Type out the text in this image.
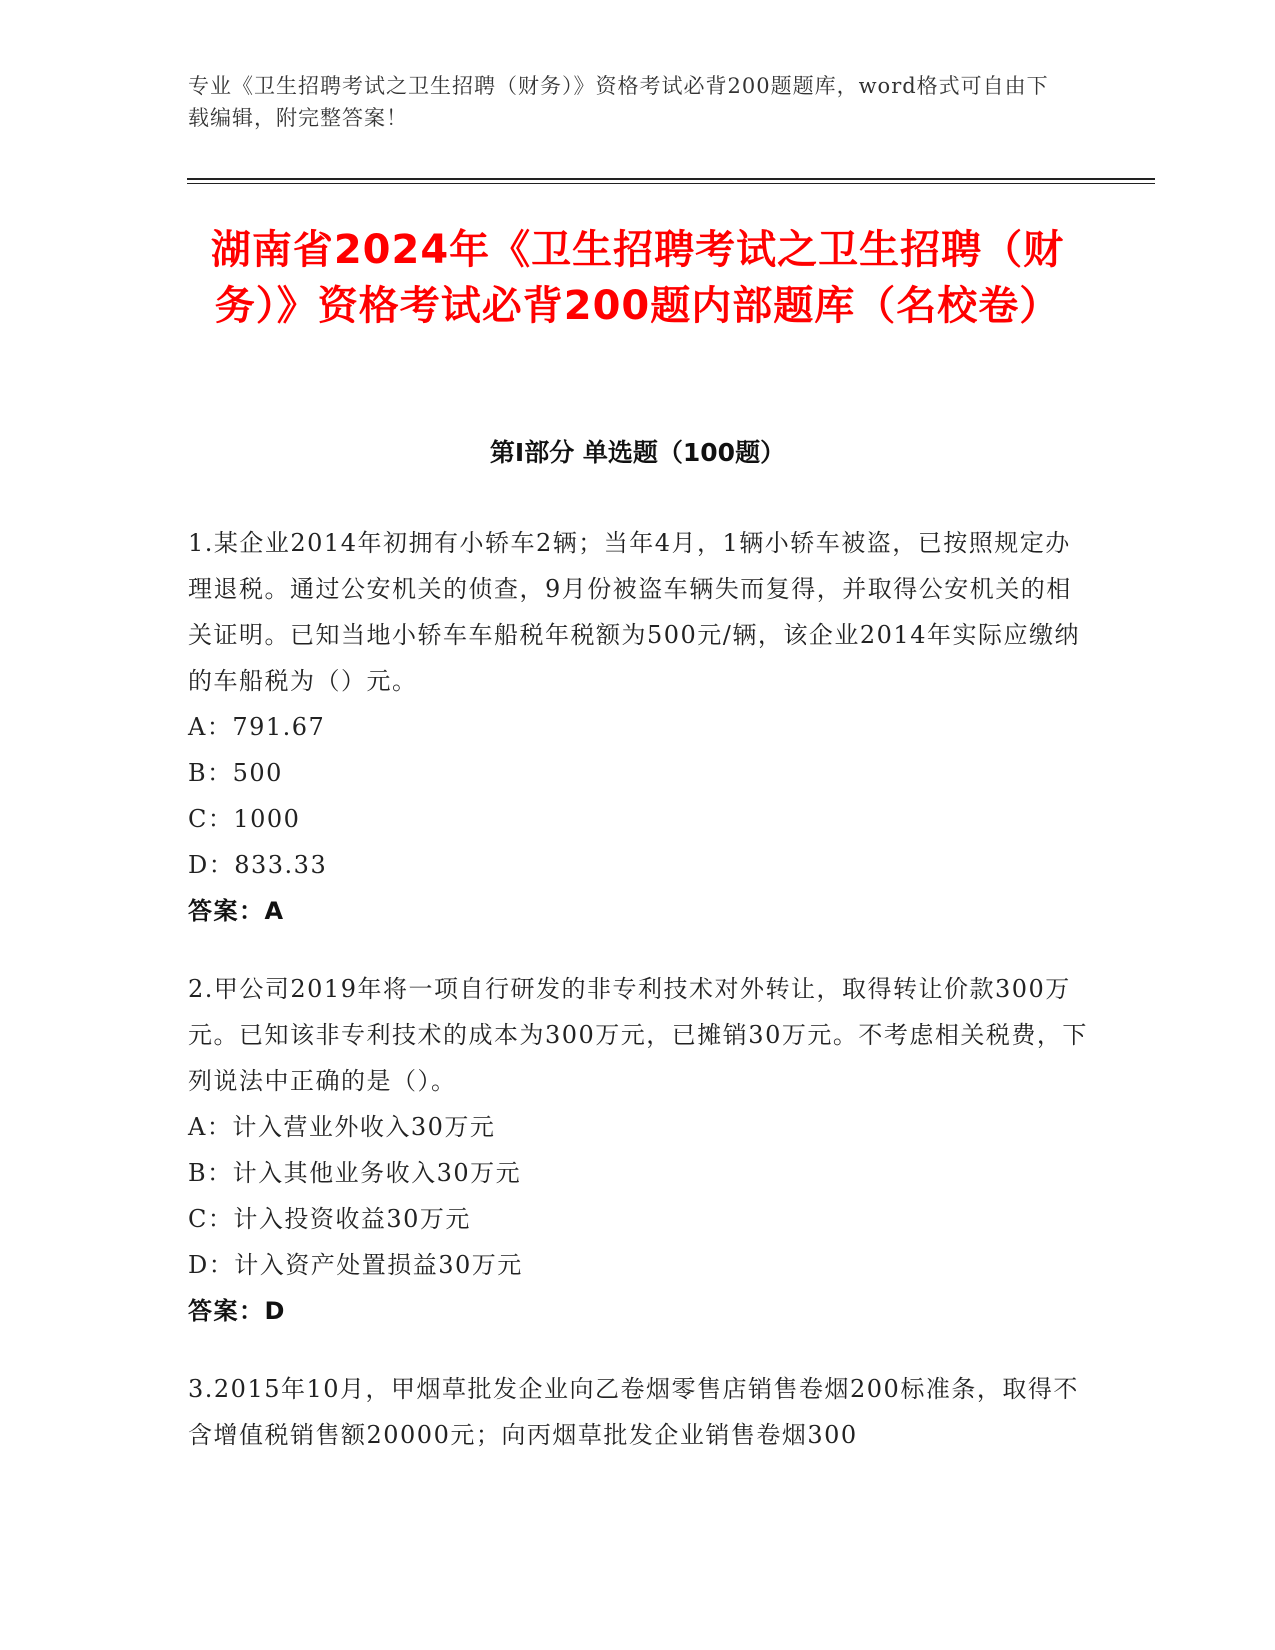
专业《卫生招聘考试之卫生招聘（财务）》资格考试必背200题题库，word格式可自由下载编辑，附完整答案！
湖南省2024年《卫生招聘考试之卫生招聘（财务）》资格考试必背200题内部题库（名校卷）
第I部分 单选题（100题）

1.某企业2014年初拥有小轿车2辆；当年4月，1辆小轿车被盗，已按照规定办理退税。通过公安机关的侦查，9月份被盗车辆失而复得，并取得公安机关的相关证明。已知当地小轿车车船税年税额为500元/辆，该企业2014年实际应缴纳的车船税为（）元。

A：791.67
B：500
C：1000
D：833.33
答案：A

2.甲公司2019年将一项自行研发的非专利技术对外转让，取得转让价款300万元。已知该非专利技术的成本为300万元，已摊销30万元。不考虑相关税费，下列说法中正确的是（）。

A：计入营业外收入30万元
B：计入其他业务收入30万元
C：计入投资收益30万元
D：计入资产处置损益30万元
答案：D

3.2015年10月，甲烟草批发企业向乙卷烟零售店销售卷烟200标准条，取得不含增值税销售额20000元；向丙烟草批发企业销售卷烟300
